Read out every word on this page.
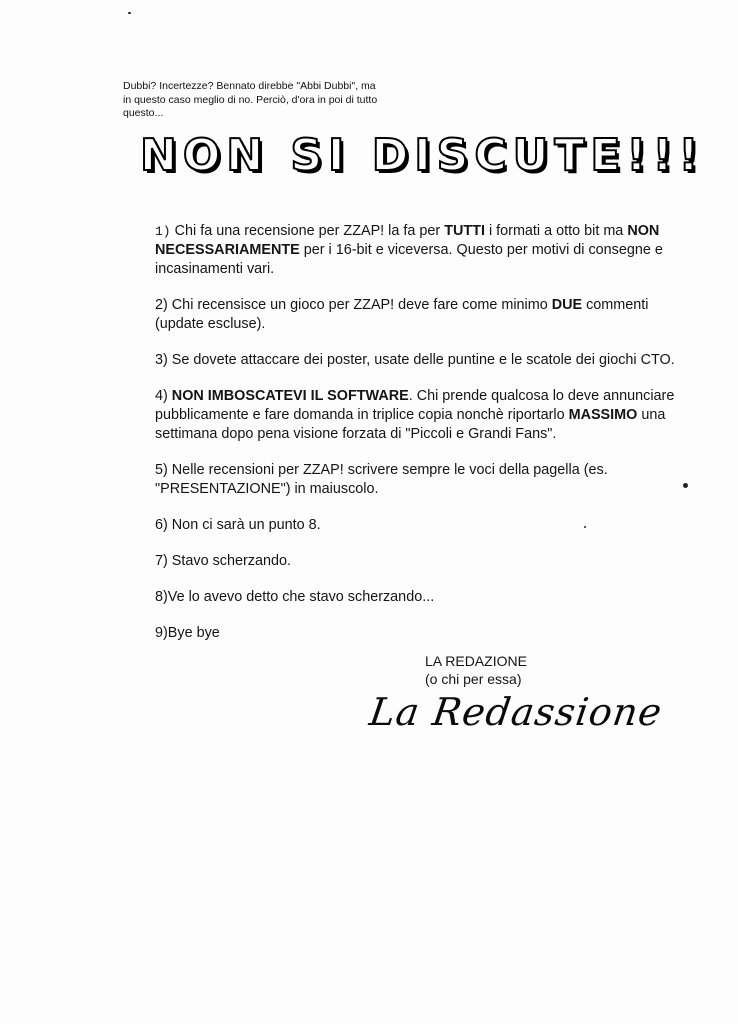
Dubbi? Incertezze? Bennato direbbe "Abbi Dubbi", ma
in questo caso meglio di no. Perciò, d'ora in poi di tutto
questo...
NON SI DISCUTE!!!

1) Chi fa una recensione per ZZAP! la fa per TUTTI i formati a otto bit ma NON NECESSARIAMENTE per i 16-bit e viceversa. Questo per motivi di consegne e incasinamenti vari.

2) Chi recensisce un gioco per ZZAP! deve fare come minimo DUE commenti (update escluse).

3) Se dovete attaccare dei poster, usate delle puntine e le scatole dei giochi CTO.

4) NON IMBOSCATEVI IL SOFTWARE. Chi prende qualcosa lo deve annunciare pubblicamente e fare domanda in triplice copia nonchè riportarlo MASSIMO una settimana dopo pena visione forzata di "Piccoli e Grandi Fans".

5) Nelle recensioni per ZZAP! scrivere sempre le voci della pagella (es. "PRESENTAZIONE") in maiuscolo.

6) Non ci sarà un punto 8.

7) Stavo scherzando.

8)Ve lo avevo detto che stavo scherzando...

9)Bye bye

LA REDAZIONE
(o chi per essa)
La Redassione
